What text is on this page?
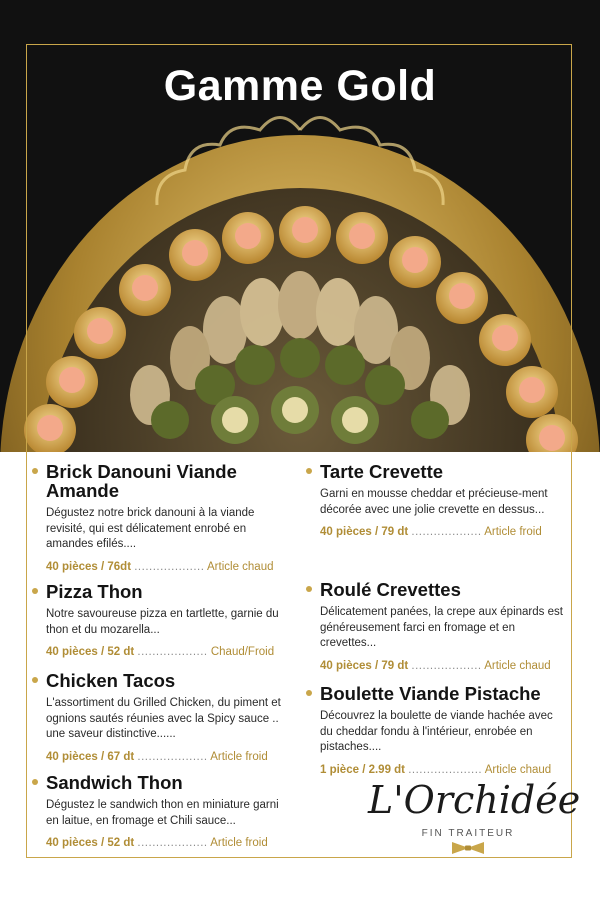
Gamme Gold
Brick Danouni Viande Amande

Dégustez notre brick danouni à la viande revisité, qui est délicatement enrobé en amandes efilés....

40 pièces / 76dt ................... Article chaud
Pizza Thon

Notre savoureuse pizza en tartlette, garnie du thon et du mozarella...

40 pièces / 52 dt ................... Chaud/Froid
Chicken Tacos

L'assortiment du Grilled Chicken, du piment et ognions sautés réunies avec la Spicy sauce .. une saveur distinctive......

40 pièces / 67 dt ................... Article froid
Sandwich Thon

Dégustez le sandwich thon en miniature garni en laitue, en fromage et Chili sauce...

40 pièces / 52 dt ................... Article froid
Tarte Crevette

Garni en mousse cheddar et précieuse-ment décorée avec une jolie crevette en dessus...

40 pièces / 79 dt ................... Article froid
Roulé Crevettes

Délicatement panées, la crepe aux épinards est généreusement farci en fromage et en crevettes...

40 pièces / 79 dt ................... Article chaud
Boulette Viande Pistache

Découvrez la boulette de viande hachée avec du cheddar fondu à l'intérieur, enrobée en pistaches....

1 pièce / 2.99 dt .................... Article chaud
L'Orchidée
FIN TRAITEUR
